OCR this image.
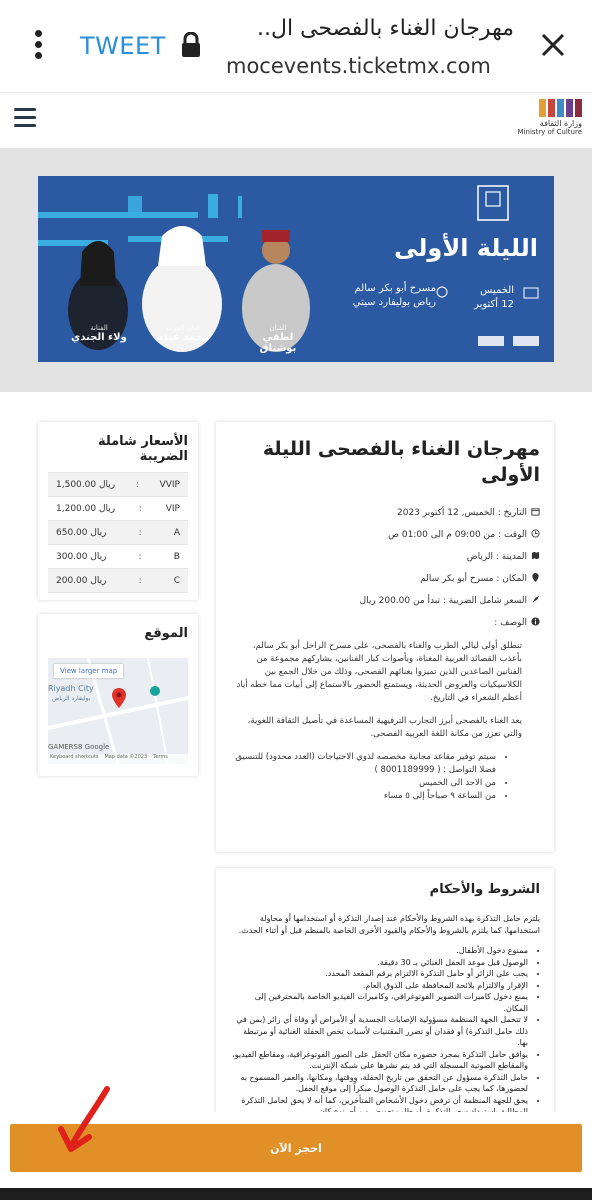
TWEET
مهرجان الغناء بالفصحى ال..
mocevents.ticketmx.com
وزارة الثقافة
Ministry of Culture
الليلة الأولى
الخميس
12 أكتوبر
مسرح أبو بكر سالم
رياض بوليفارد سيتي
الفنان
لطفي بوشناق
فنان العرب
محمد عبده
الفنانة
ولاء الجندي
الأسعار شاملة الضريبة
1,500.00 ريال : VVIP
1,200.00 ريال	:	VIP
650.00 ريال	:	A
300.00 ريال	:	B
200.00 ريال	:	C
الموقع
View larger map
Riyadh City
بوليفارد الرياض
GAMERS8 Google
Keyboard shortcuts Map data ©2023 Terms
مهرجان الغناء بالفصحى الليلة الأولى
التاريخ : الخميس, 12 أكتوبر 2023
الوقت : من 09:00 م الى 01:00 ص
المدينة : الرياض
المكان : مسرح أبو بكر سالم
السعر شامل الضريبة : تبدأ من 200.00 ريال
الوصف :

تنطلق أولى ليالي الطرب والغناء بالفصحى، على مسرح الراحل أبو بكر سالم، بأعذب القصائد العربية المغناة، وبأصوات كبار الفنانين، يشاركهم مجموعة من الفنانين الصاعدين الذين تميزوا بغنائهم الفصحى، وذلك من خلال الجمع بين الكلاسيكيات والعروض الحديثة، ويستمتع الحضور بالاستماع إلى أبيات مما خطه أياد أعظم الشعراء في التاريخ.

يعد الغناء بالفصحى أبرز التجارب الترفيهية المساعدة في تأصيل الثقافة اللغوية، والتي تعزز من مكانة اللغة العربية الفصحى.

• سيتم توفير مقاعد مجانية مخصصه لذوي الاحتياجات (العدد محدود) للتنسيق فضلا التواصل : ( 8001189999 )
• من الاحد الى الخميس
• من الساعة ٩ صباحاً إلى ٥ مساء
الشروط والأحكام
يلتزم حامل التذكرة بهذه الشروط والأحكام عند إصدار التذكرة أو استخدامها أو محاولة استخدامها، كما يلتزم بالشروط والأحكام والقيود الأخرى الخاصة بالمنظم قبل أو أثناء الحدث.
• ممنوع دخول الأطفال.
• الوصول قبل موعد الحفل الغنائي بـ 30 دقيقة.
• يجب على الزائر أو حامل التذكرة الالتزام برقم المقعد المحدد.
• الإقرار والالتزام بلائحة المحافظة على الذوق العام.
• يمنع دخول كاميرات التصوير الفوتوغرافي، وكاميرات الفيديو الخاصة بالمحترفين إلى المكان.
• لا تتحمل الجهة المنظمة مسؤولية الإصابات الجسدية أو الأمراض أو وفاة أي زائر (بمن في ذلك حامل التذكرة) أو فقدان أو تضرر المقتنيات لأسباب تخص الحفلة الغنائية أو مرتبطة بها.
• يوافق حامل التذكرة بمجرد حضوره مكان الحفل على الصور الفوتوغرافية، ومقاطع الفيديو، والمقاطع الصوتية المسجلة التي قد يتم نشرها على شبكة الإنترنت.
• حامل التذكرة مسؤول عن التحقق من تاريخ الحفلة، ووقتها، ومكانها، والعمر المسموح به لحضورها، كما يجب على حامل التذكرة الوصول مبكراً إلى موقع الحفل.
• يحق للجهة المنظمة أن ترفض دخول الأشخاص المتأخرين، كما أنه لا يحق لحامل التذكرة
احجز الآن
